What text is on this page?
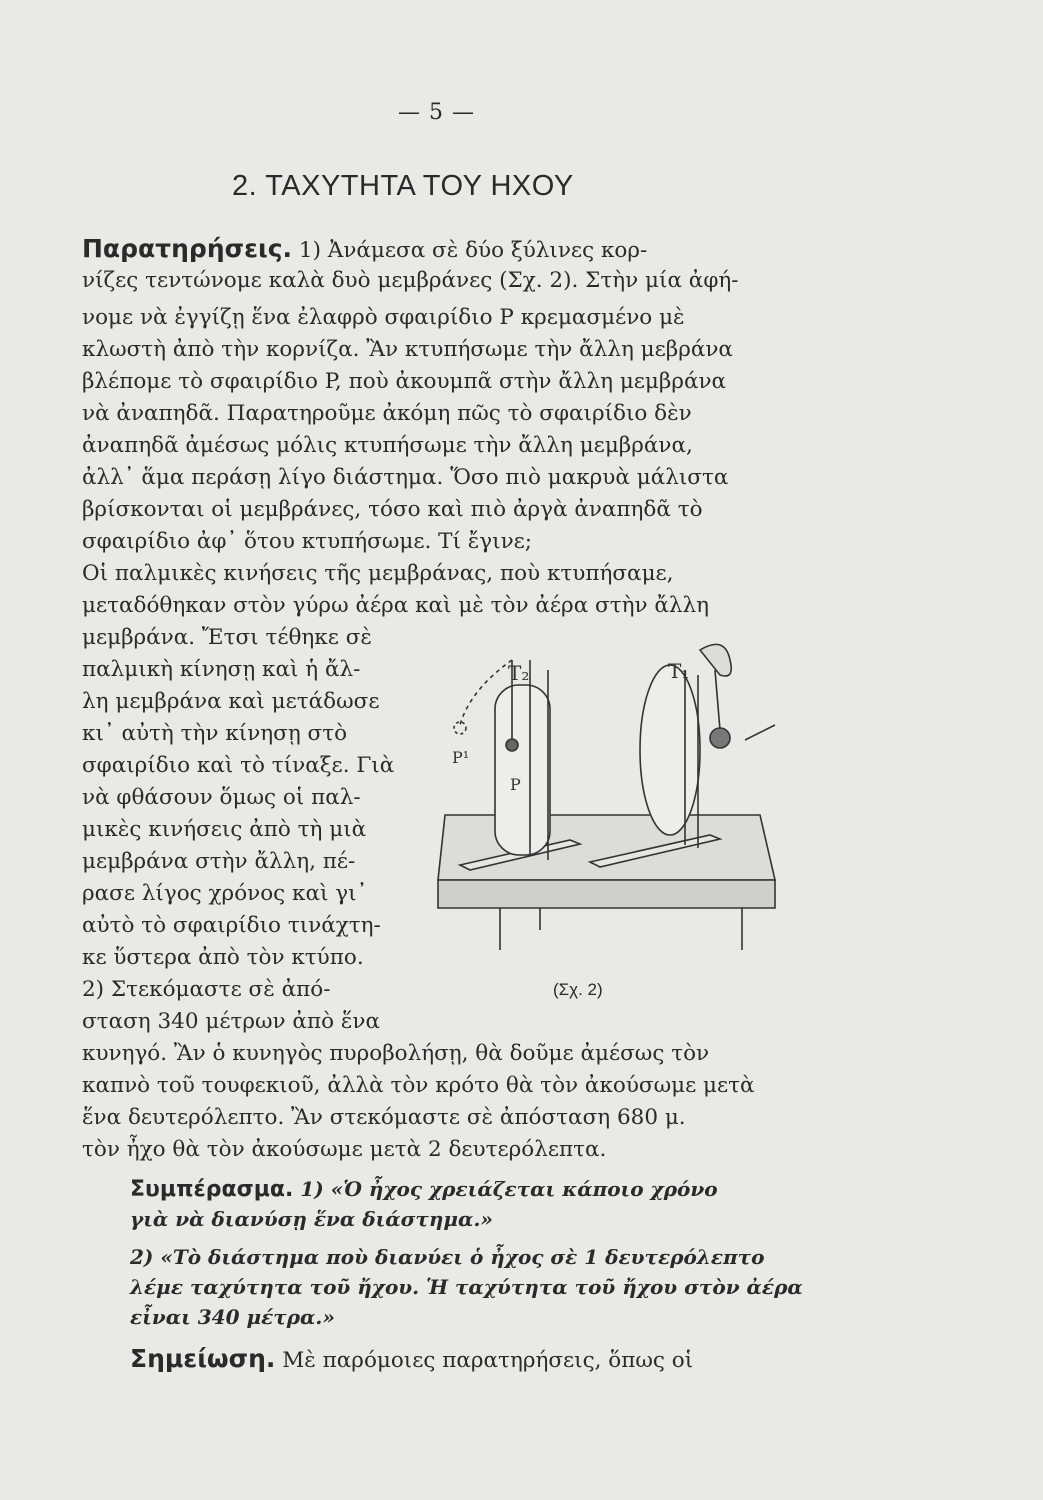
— 5 —
2. ΤΑΧΥΤΗΤΑ ΤΟΥ ΗΧΟΥ
Παρατηρήσεις. 1) Ἀνάμεσα σὲ δύο ξύλινες κορ-
νίζες τεντώνομε καλὰ δυὸ μεμβράνες (Σχ. 2). Στὴν μία ἀφή-
νομε νὰ ἐγγίζῃ ἕνα ἐλαφρὸ σφαιρίδιο P κρεμασμένο μὲ
κλωστὴ ἀπὸ τὴν κορνίζα. Ἂν κτυπήσωμε τὴν ἄλλη μεβράνα
βλέπομε τὸ σφαιρίδιο P, ποὺ ἀκουμπᾶ στὴν ἄλλη μεμβράνα
νὰ ἀναπηδᾶ. Παρατηροῦμε ἀκόμη πῶς τὸ σφαιρίδιο δὲν
ἀναπηδᾶ ἀμέσως μόλις κτυπήσωμε τὴν ἄλλη μεμβράνα,
ἀλλ᾿ ἅμα περάσῃ λίγο διάστημα. Ὅσο πιὸ μακρυὰ μάλιστα
βρίσκονται οἱ μεμβράνες, τόσο καὶ πιὸ ἀργὰ ἀναπηδᾶ τὸ
σφαιρίδιο ἀφ᾿ ὅτου κτυπήσωμε. Τί ἔγινε;
Οἱ παλμικὲς κινήσεις τῆς μεμβράνας, ποὺ κτυπήσαμε,
μεταδόθηκαν στὸν γύρω ἀέρα καὶ μὲ τὸν ἀέρα στὴν ἄλλη
μεμβράνα. Ἔτσι τέθηκε σὲ
παλμικὴ κίνησῃ καὶ ἡ ἄλ-
λη μεμβράνα καὶ μετάδωσε
κι᾿ αὐτὴ τὴν κίνησῃ στὸ
σφαιρίδιο καὶ τὸ τίναξε. Γιὰ
νὰ φθάσουν ὅμως οἱ παλ-
μικὲς κινήσεις ἀπὸ τὴ μιὰ
μεμβράνα στὴν ἄλλη, πέ-
ρασε λίγος χρόνος καὶ γι᾿
αὐτὸ τὸ σφαιρίδιο τινάχτη-
κε ὕστερα ἀπὸ τὸν κτύπο.
2) Στεκόμαστε σὲ ἀπό-
σταση 340 μέτρων ἀπὸ ἕνα
κυνηγό. Ἂν ὁ κυνηγὸς πυροβολήσῃ, θὰ δοῦμε ἀμέσως τὸν
καπνὸ τοῦ τουφεκιοῦ, ἀλλὰ τὸν κρότο θὰ τὸν ἀκούσωμε μετὰ
ἕνα δευτερόλεπτο. Ἂν στεκόμαστε σὲ ἀπόσταση 680 μ.
τὸν ἦχο θὰ τὸν ἀκούσωμε μετὰ 2 δευτερόλεπτα.
T₂	T₁
P¹
P
(Σχ. 2)
Συμπέρασμα. 1) «Ὁ ἦχος χρειάζεται κάποιο χρόνο
γιὰ νὰ διανύσῃ ἕνα διάστημα.»
2) «Τὸ διάστημα ποὺ διανύει ὁ ἦχος σὲ 1 δευτερόλεπτο
λέμε ταχύτητα τοῦ ἤχου. Ἡ ταχύτητα τοῦ ἤχου στὸν ἀέρα
εἶναι 340 μέτρα.»
Σημείωση. Μὲ παρόμοιες παρατηρήσεις, ὅπως οἱ
